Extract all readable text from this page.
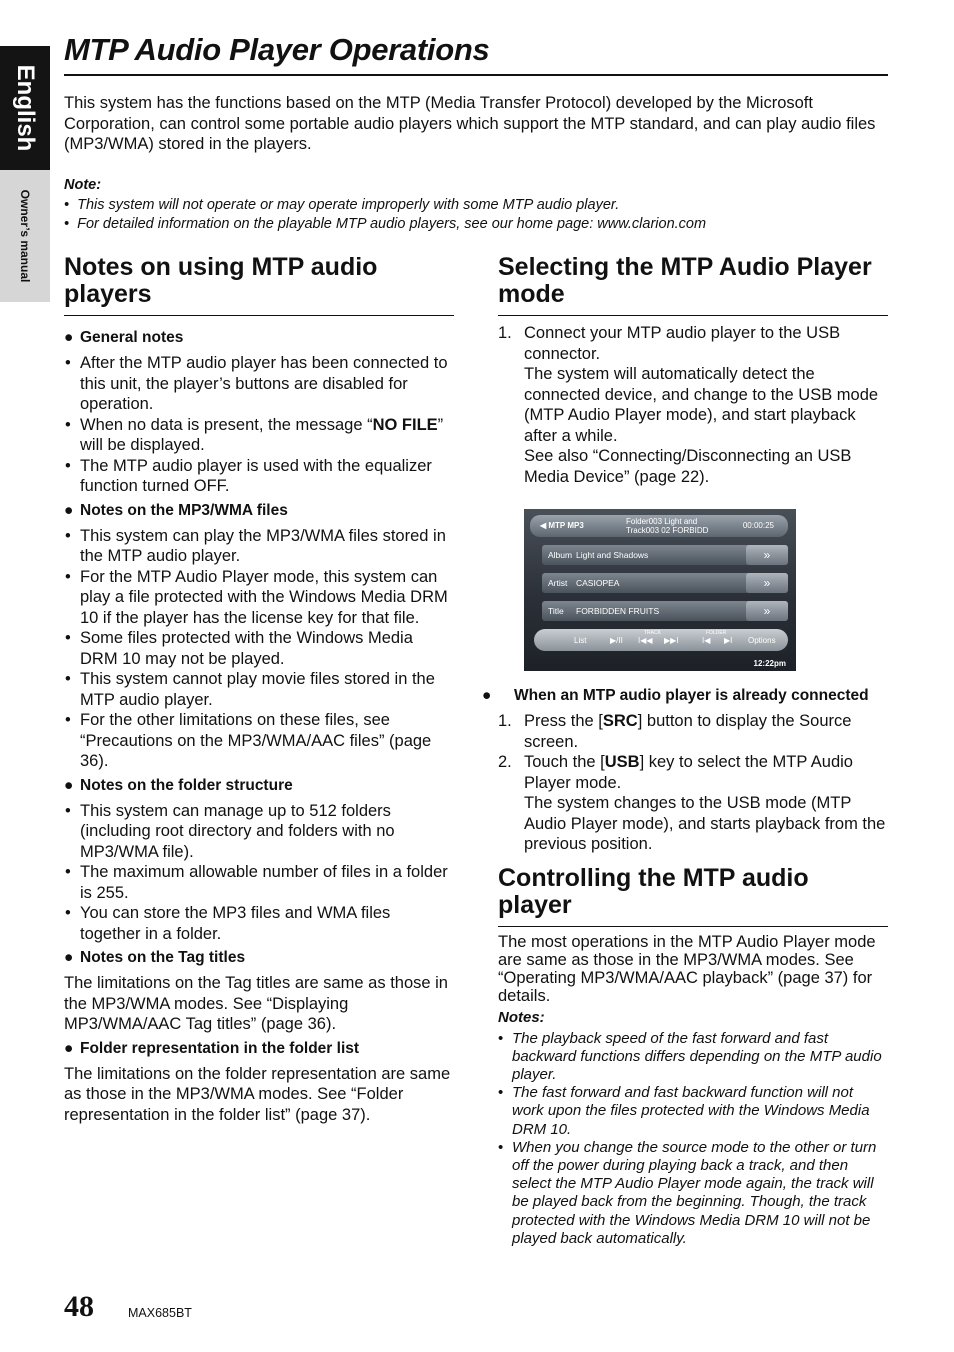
English
Owner’s manual
MTP Audio Player Operations

This system has the functions based on the MTP (Media Transfer Protocol) developed by the Microsoft Corporation, can control some portable audio players which support the MTP standard, and can play audio files (MP3/WMA) stored in the players.

Note:
•  This system will not operate or may operate improperly with some MTP audio player.
•  For detailed information on the playable MTP audio players, see our home page: www.clarion.com
Notes on using MTP audio players

● General notes

• After the MTP audio player has been connected to this unit, the player’s buttons are disabled for operation.
• When no data is present, the message “NO FILE” will be displayed.
• The MTP audio player is used with the equalizer function turned OFF.

● Notes on the MP3/WMA files

• This system can play the MP3/WMA files stored in the MTP audio player.
• For the MTP Audio Player mode, this system can play a file protected with the Windows Media DRM 10 if the player has the license key for that file.
• Some files protected with the Windows Media DRM 10 may not be played.
• This system cannot play movie files stored in the MTP audio player.
• For the other limitations on these files, see “Precautions on the MP3/WMA/AAC files” (page 36).

● Notes on the folder structure

• This system can manage up to 512 folders (including root directory and folders with no MP3/WMA file).
• The maximum allowable number of files in a folder is 255.
• You can store the MP3 files and WMA files together in a folder.

● Notes on the Tag titles

The limitations on the Tag titles are same as those in the MP3/WMA modes. See “Displaying MP3/WMA/AAC Tag titles” (page 36).

● Folder representation in the folder list

The limitations on the folder representation are same as those in the MP3/WMA modes. See “Folder representation in the folder list” (page 37).

Selecting the MTP Audio Player mode
1. Connect your MTP audio player to the USB connector.
The system will automatically detect the connected device, and change to the USB mode (MTP Audio Player mode), and start playback after a while.
See also “Connecting/Disconnecting an USB Media Device” (page 22).
◀ MTP MP3	Folder003 Light and
Track003 02 FORBIDD
00:00:25
Album Light and Shadows	»
Artist CASIOPEA	»
Title FORBIDDEN FRUITS	»
List	▶/II
TRACK
I◀◀ ▶▶I
FOLDER
I◀ ▶I Options
12:22pm

● When an MTP audio player is already connected

1. Press the [SRC] button to display the Source screen.
2. Touch the [USB] key to select the MTP Audio Player mode.
The system changes to the USB mode (MTP Audio Player mode), and starts playback from the previous position.
Controlling the MTP audio player

The most operations in the MTP Audio Player mode are same as those in the MP3/WMA modes. See “Operating MP3/WMA/AAC playback” (page 37) for details.

Notes:

• The playback speed of the fast forward and fast backward functions differs depending on the MTP audio player.
• The fast forward and fast backward function will not work upon the files protected with the Windows Media DRM 10.
• When you change the source mode to the other or turn off the power during playing back a track, and then select the MTP Audio Player mode again, the track will be played back from the beginning. Though, the track protected with the Windows Media DRM 10 will not be played back automatically.
48	MAX685BT
